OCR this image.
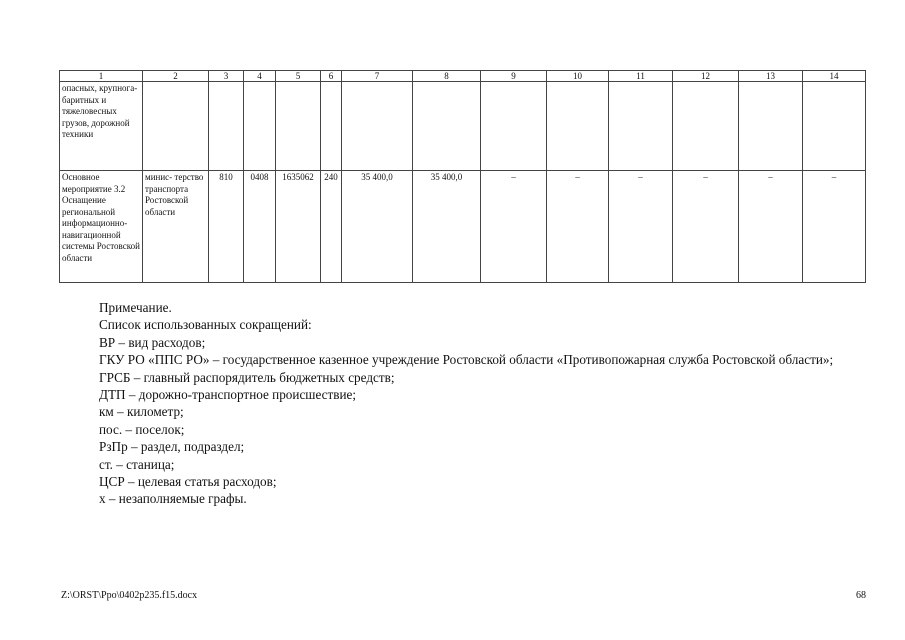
1	2	3	4	5	6	7	8	9	10	11	12	13	14
опасных, крупнога- баритных и тяжеловесных грузов, дорожной техники													
Основное мероприятие 3.2 Оснащение региональной информационно- навигационной системы Ростовской области	минис- терство транспорта Ростовской области	810	0408	1635062	240	35 400,0	35 400,0	–	–	–	–	–	–

Примечание.

Список использованных сокращений:

ВР – вид расходов;

ГКУ РО «ППС РО» – государственное казенное учреждение Ростовской области «Противопожарная служба Ростовской области»;

ГРСБ – главный распорядитель бюджетных средств;

ДТП – дорожно-транспортное происшествие;

км – километр;

пос. – поселок;

РзПр – раздел, подраздел;

ст. – станица;

ЦСР – целевая статья расходов;

х – незаполняемые графы.

Z:\ORST\Ppo\0402p235.f15.docx	68
